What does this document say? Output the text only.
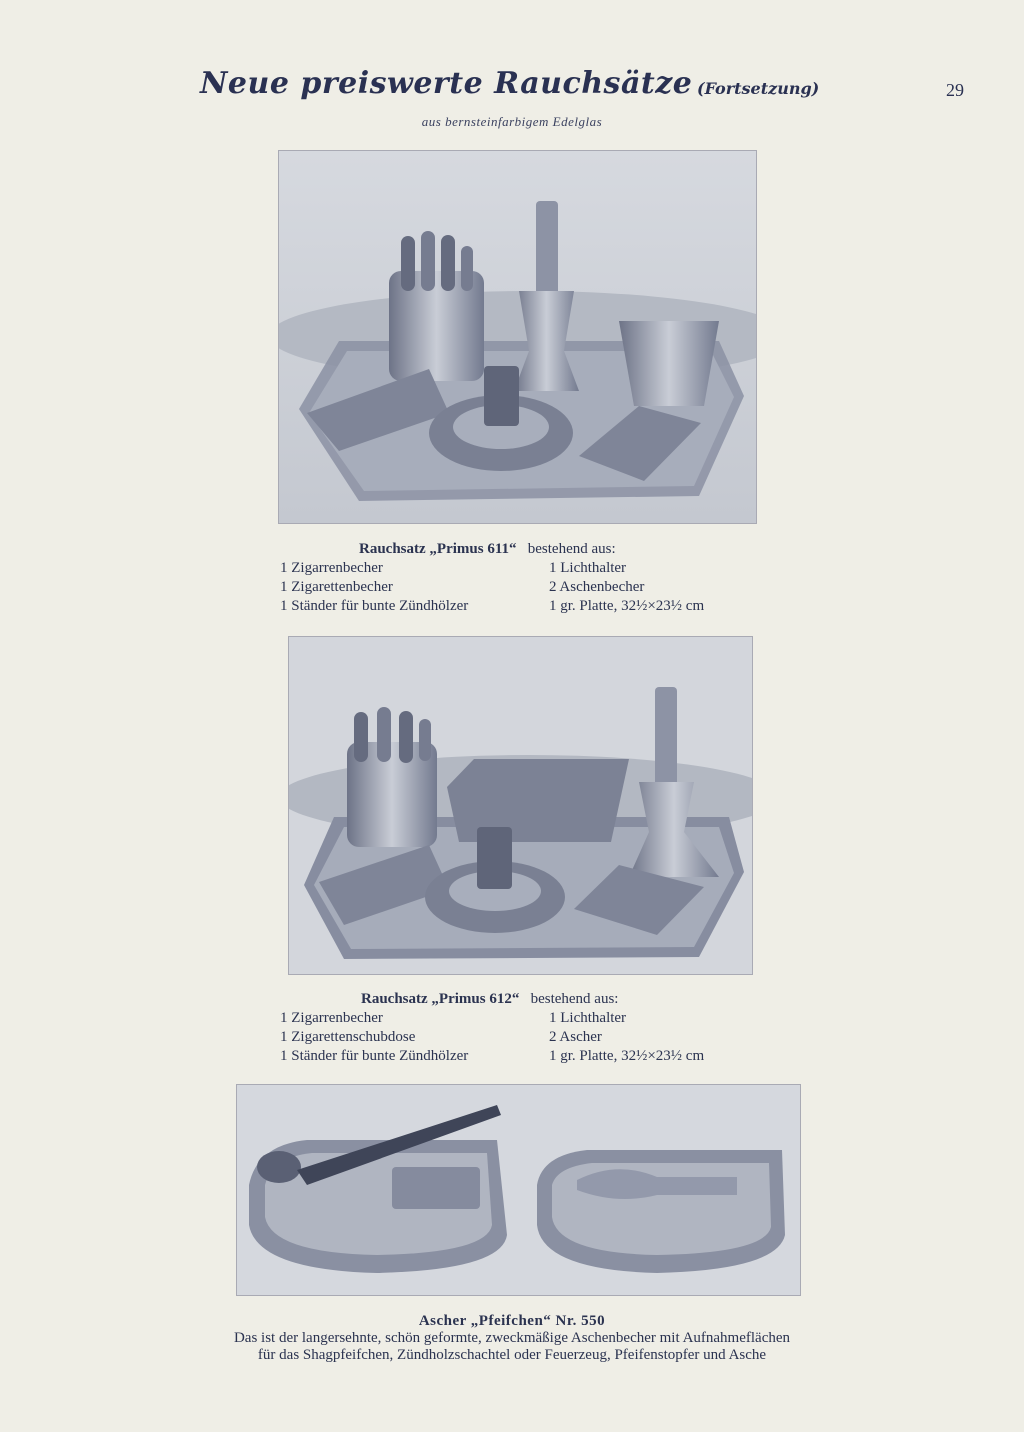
Neue preiswerte Rauchsätze (Fortsetzung)	29
aus bernsteinfarbigem Edelglas
Rauchsatz „Primus 611“ bestehend aus:
1 Zigarrenbecher
1 Zigarettenbecher
1 Ständer für bunte Zündhölzer
1 Lichthalter
2 Aschenbecher
1 gr. Platte, 32½×23½ cm
Rauchsatz „Primus 612“ bestehend aus:
1 Zigarrenbecher
1 Zigarettenschubdose
1 Ständer für bunte Zündhölzer
1 Lichthalter
2 Ascher
1 gr. Platte, 32½×23½ cm
Ascher „Pfeifchen“ Nr. 550
Das ist der langersehnte, schön geformte, zweckmäßige Aschenbecher mit Aufnahmeflächen
für das Shagpfeifchen, Zündholzschachtel oder Feuerzeug, Pfeifenstopfer und Asche
